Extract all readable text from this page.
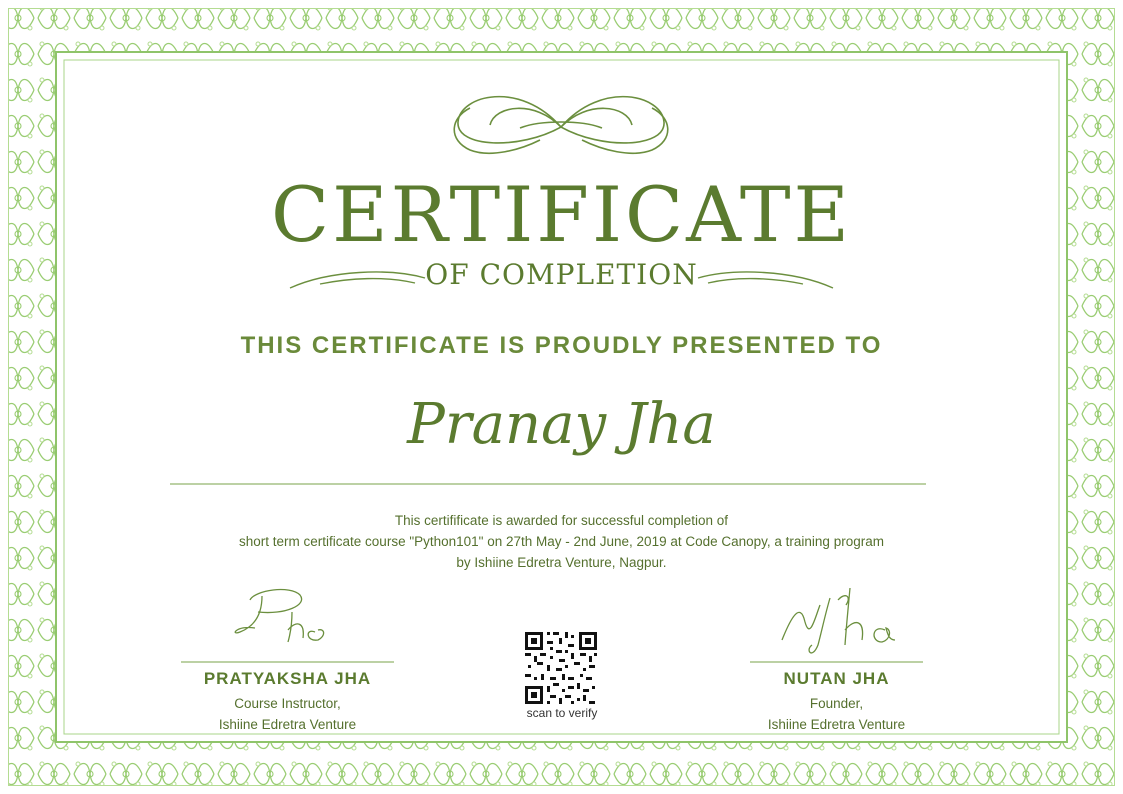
CERTIFICATE
OF COMPLETION
THIS CERTIFICATE IS PROUDLY PRESENTED TO
Pranay Jha
This certifificate is awarded for successful completion of
short term certificate course "Python101" on 27th May - 2nd June, 2019 at Code Canopy, a training program
by Ishiine Edretra Venture, Nagpur.
PRATYAKSHA JHA
Course Instructor,
Ishiine Edretra Venture
NUTAN JHA
Founder,
Ishiine Edretra Venture
scan to verify
